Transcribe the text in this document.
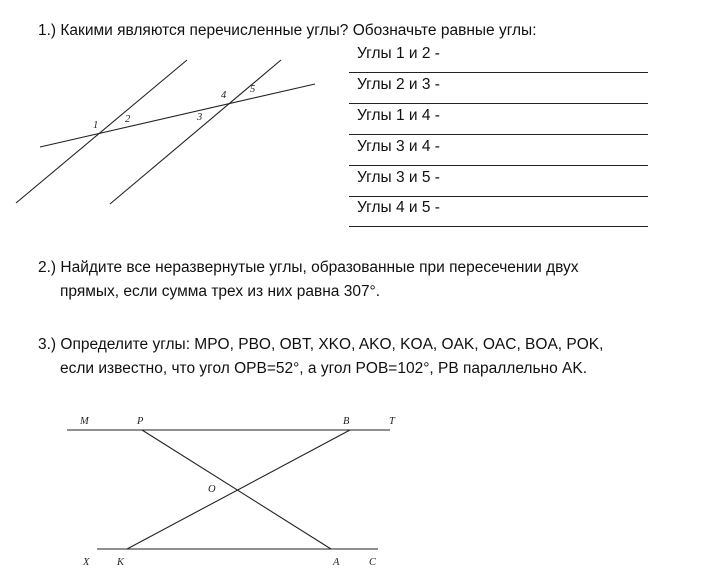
1.) Какими являются перечисленные углы? Обозначьте равные углы:

Углы 1 и 2 -
Углы 2 и 3 -
Углы 1 и 4 -
Углы 3 и 4 -
Углы 3 и 5 -
Углы 4 и 5 -
1
2	3
4
5
M	P	B	T
O
X	K	A	C

2.) Найдите все неразвернутые углы, образованные при пересечении двух
прямых, если сумма трех из них равна 307°.

3.) Определите углы: MPO, PBO, OBT, XKO, AKO, KOA, OAK, OAC, BOA, POK,
если известно, что угол OPB=52°, а угол POB=102°, PB параллельно AK.
